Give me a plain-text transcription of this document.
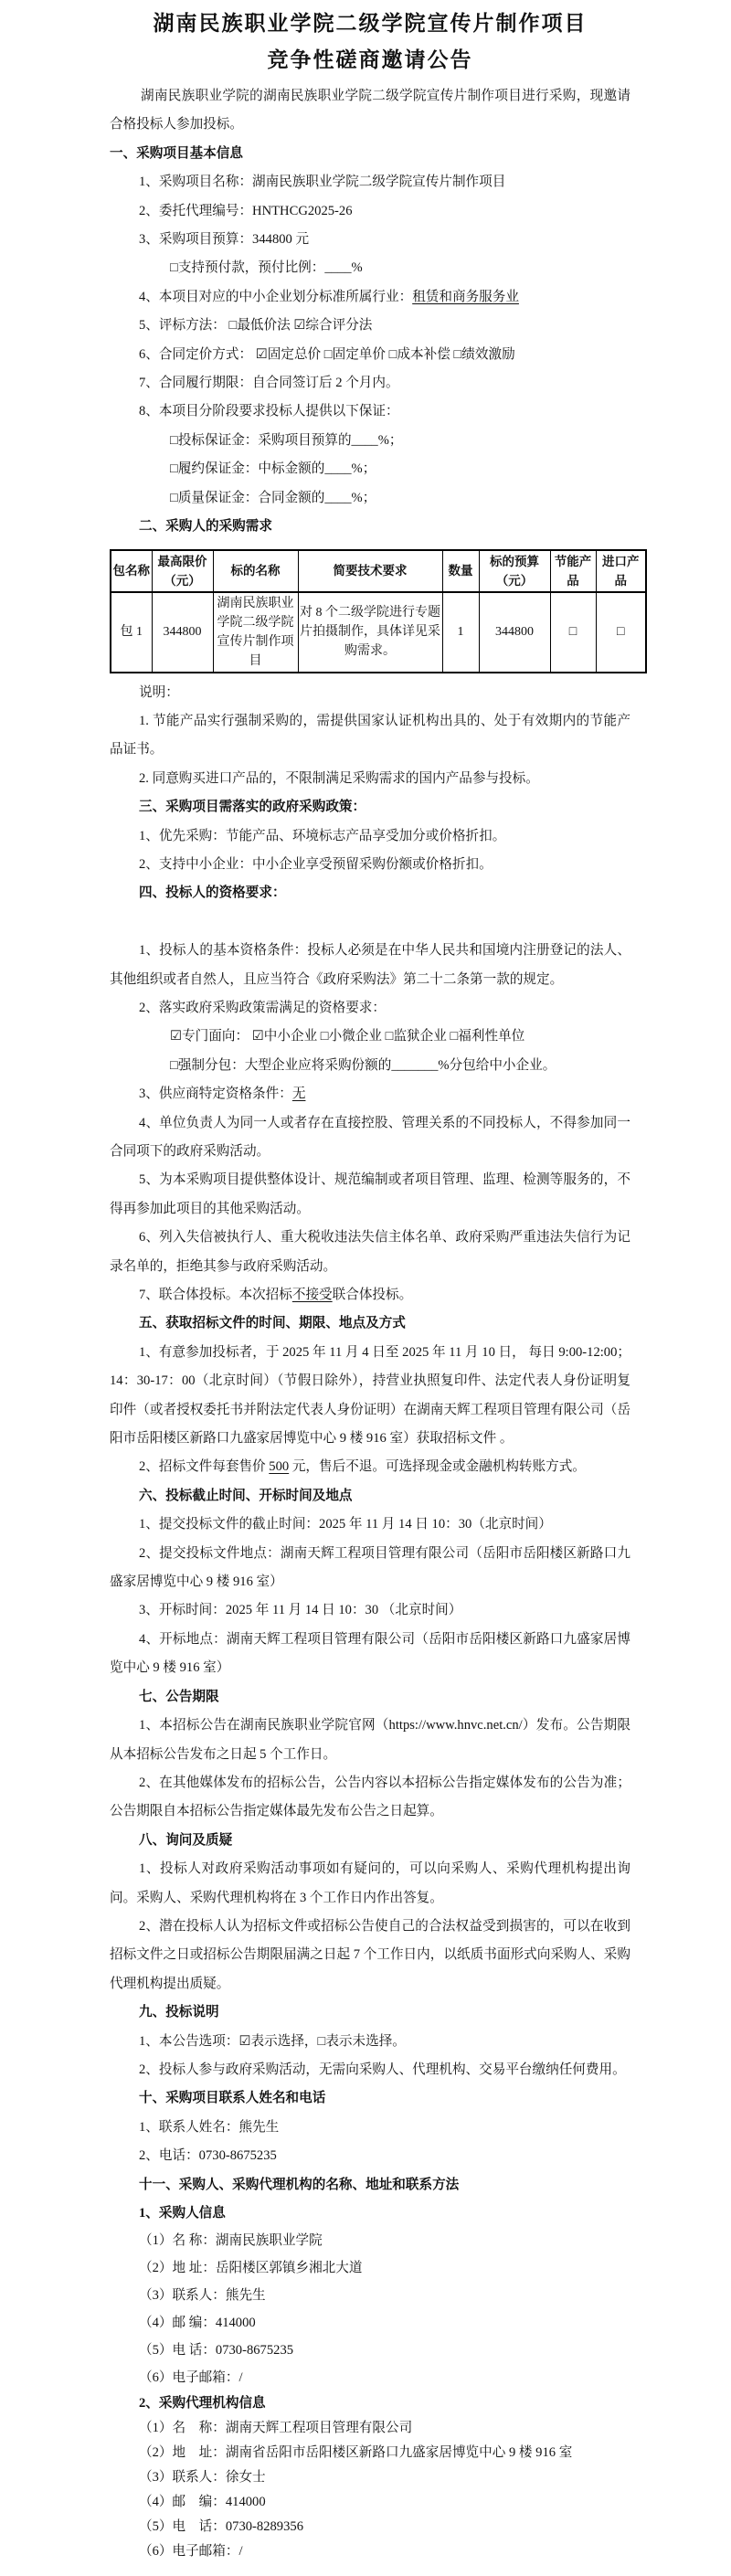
湖南民族职业学院二级学院宣传片制作项目
竞争性磋商邀请公告

湖南民族职业学院的湖南民族职业学院二级学院宣传片制作项目进行采购，现邀请合格投标人参加投标。

一、采购项目基本信息

1、采购项目名称：湖南民族职业学院二级学院宣传片制作项目

2、委托代理编号：HNTHCG2025-26

3、采购项目预算：344800 元

□支持预付款，预付比例：____%

4、本项目对应的中小企业划分标准所属行业：租赁和商务服务业

5、评标方法： □最低价法 ☑综合评分法

6、合同定价方式： ☑固定总价 □固定单价 □成本补偿 □绩效激励

7、合同履行期限：自合同签订后 2 个月内。

8、本项目分阶段要求投标人提供以下保证：

□投标保证金：采购项目预算的____%；

□履约保证金：中标金额的____%；

□质量保证金：合同金额的____%；

二、采购人的采购需求

包名称	最高限价（元）	标的名称	简要技术要求	数量	标的预算（元）	节能产品	进口产品
包 1	344800	湖南民族职业学院二级学院宣传片制作项目	对 8 个二级学院进行专题片拍摄制作，具体详见采购需求。	1	344800	□	□

说明：

1. 节能产品实行强制采购的，需提供国家认证机构出具的、处于有效期内的节能产品证书。

2. 同意购买进口产品的，不限制满足采购需求的国内产品参与投标。

三、采购项目需落实的政府采购政策：

1、优先采购：节能产品、环境标志产品享受加分或价格折扣。

2、支持中小企业：中小企业享受预留采购份额或价格折扣。

四、投标人的资格要求：

1、投标人的基本资格条件：投标人必须是在中华人民共和国境内注册登记的法人、其他组织或者自然人，且应当符合《政府采购法》第二十二条第一款的规定。

2、落实政府采购政策需满足的资格要求：

☑专门面向： ☑中小企业 □小微企业 □监狱企业 □福利性单位

□强制分包：大型企业应将采购份额的_______%分包给中小企业。

3、供应商特定资格条件：无

4、单位负责人为同一人或者存在直接控股、管理关系的不同投标人，不得参加同一合同项下的政府采购活动。

5、为本采购项目提供整体设计、规范编制或者项目管理、监理、检测等服务的，不得再参加此项目的其他采购活动。

6、列入失信被执行人、重大税收违法失信主体名单、政府采购严重违法失信行为记录名单的，拒绝其参与政府采购活动。

7、联合体投标。本次招标不接受联合体投标。

五、获取招标文件的时间、期限、地点及方式

1、有意参加投标者，于 2025 年 11 月 4 日至 2025 年 11 月 10 日， 每日 9:00-12:00；14：30-17：00（北京时间）（节假日除外），持营业执照复印件、法定代表人身份证明复印件（或者授权委托书并附法定代表人身份证明）在湖南天辉工程项目管理有限公司（岳阳市岳阳楼区新路口九盛家居博览中心 9 楼 916 室）获取招标文件 。

2、招标文件每套售价 500 元，售后不退。可选择现金或金融机构转账方式。

六、投标截止时间、开标时间及地点

1、提交投标文件的截止时间：2025 年 11 月 14 日 10：30（北京时间）

2、提交投标文件地点：湖南天辉工程项目管理有限公司（岳阳市岳阳楼区新路口九盛家居博览中心 9 楼 916 室）

3、开标时间：2025 年 11 月 14 日 10：30 （北京时间）

4、开标地点：湖南天辉工程项目管理有限公司（岳阳市岳阳楼区新路口九盛家居博览中心 9 楼 916 室）

七、公告期限

1、本招标公告在湖南民族职业学院官网（https://www.hnvc.net.cn/）发布。公告期限从本招标公告发布之日起 5 个工作日。

2、在其他媒体发布的招标公告，公告内容以本招标公告指定媒体发布的公告为准；公告期限自本招标公告指定媒体最先发布公告之日起算。

八、询问及质疑

1、投标人对政府采购活动事项如有疑问的，可以向采购人、采购代理机构提出询问。采购人、采购代理机构将在 3 个工作日内作出答复。

2、潜在投标人认为招标文件或招标公告使自己的合法权益受到损害的，可以在收到招标文件之日或招标公告期限届满之日起 7 个工作日内，以纸质书面形式向采购人、采购代理机构提出质疑。

九、投标说明

1、本公告选项：☑表示选择，□表示未选择。

2、投标人参与政府采购活动，无需向采购人、代理机构、交易平台缴纳任何费用。

十、采购项目联系人姓名和电话

1、联系人姓名：熊先生

2、电话：0730-8675235

十一、采购人、采购代理机构的名称、地址和联系方法

1、采购人信息

（1）名 称：湖南民族职业学院

（2）地 址：岳阳楼区郭镇乡湘北大道

（3）联系人：熊先生

（4）邮 编：414000

（5）电 话：0730-8675235

（6）电子邮箱：/

2、采购代理机构信息

（1）名　称：湖南天辉工程项目管理有限公司

（2）地　址：湖南省岳阳市岳阳楼区新路口九盛家居博览中心 9 楼 916 室

（3）联系人：徐女士

（4）邮　编：414000

（5）电　话：0730-8289356

（6）电子邮箱：/
